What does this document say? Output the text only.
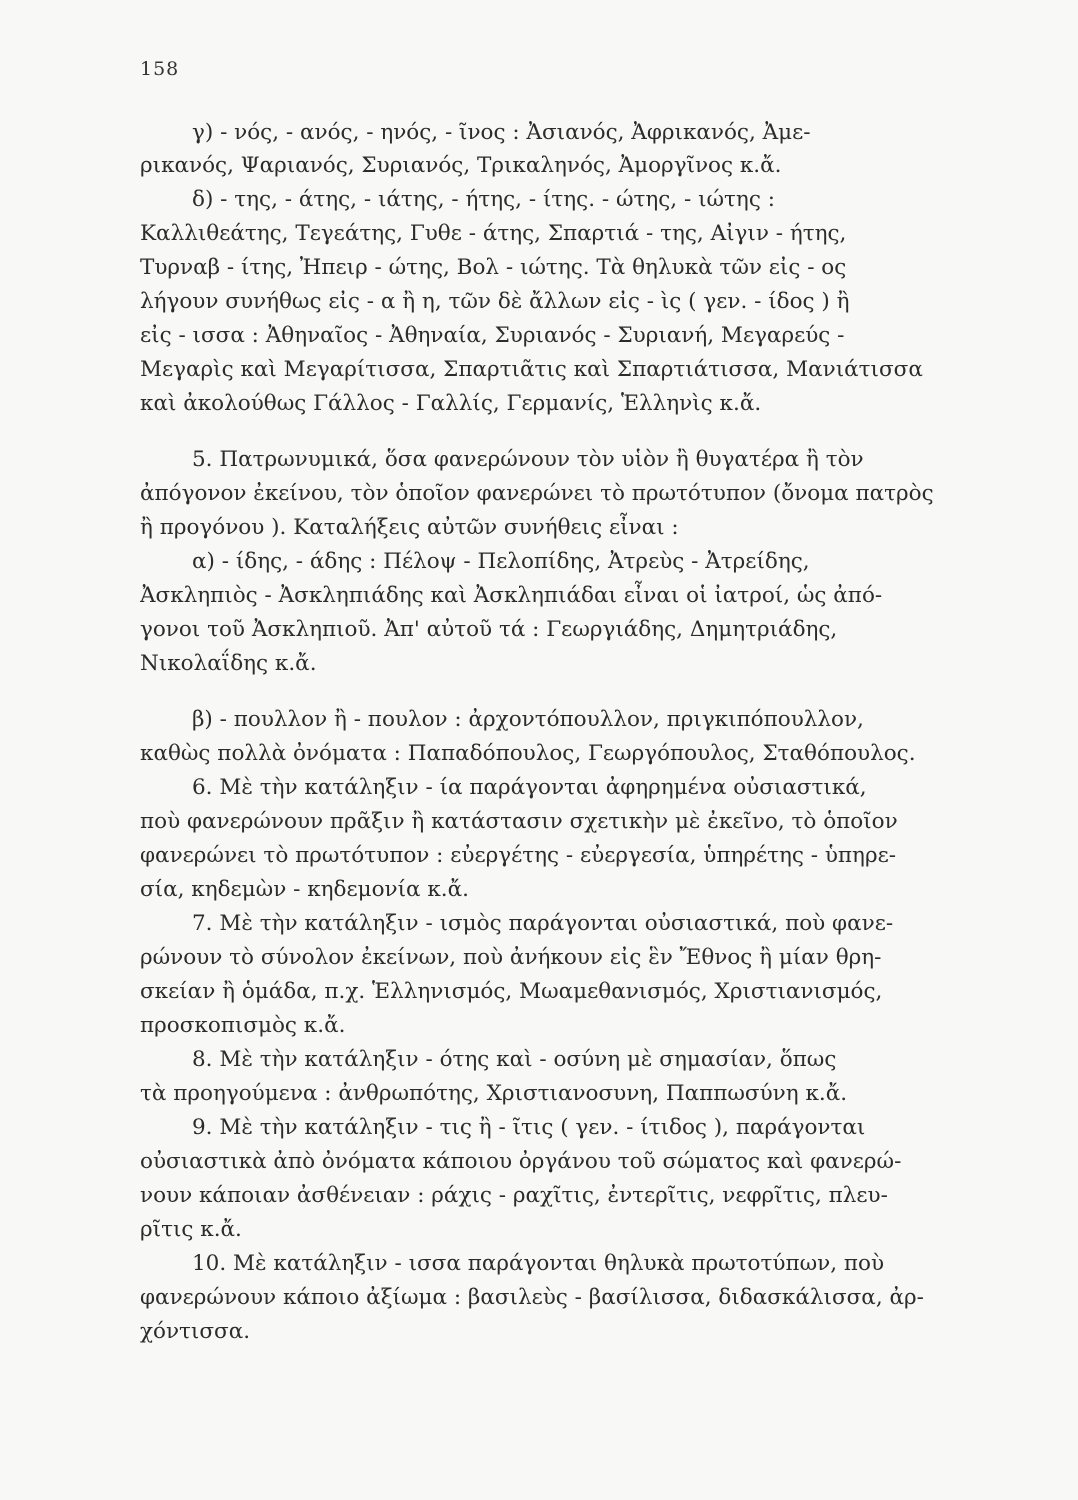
158
γ) - νός, - ανός, - ηνός, - ῖνος : Ἀσιανός, Ἀφρικανός, Ἀμε-
ρικανός, Ψαριανός, Συριανός, Τρικαληνός, Ἀμοργῖνος κ.ἄ.
δ) - της, - άτης, - ιάτης, - ήτης, - ίτης. - ώτης, - ιώτης :
Καλλιθεάτης, Τεγεάτης, Γυθε - άτης, Σπαρτιά - της, Αἰγιν - ήτης,
Τυρναβ - ίτης, Ἠπειρ - ώτης, Βολ - ιώτης. Τὰ θηλυκὰ τῶν εἰς - ος
λήγουν συνήθως εἰς - α ἢ η, τῶν δὲ ἄλλων εἰς - ὶς ( γεν. - ίδος ) ἢ
εἰς - ισσα : Ἀθηναῖος - Ἀθηναία, Συριανός - Συριανή, Μεγαρεύς -
Μεγαρὶς καὶ Μεγαρίτισσα, Σπαρτιᾶτις καὶ Σπαρτιάτισσα, Μανιάτισσα
καὶ ἀκολούθως Γάλλος - Γαλλίς, Γερμανίς, Ἑλληνὶς κ.ἄ.
5. Πατρωνυμικά, ὅσα φανερώνουν τὸν υἱὸν ἢ θυγατέρα ἢ τὸν
ἀπόγονον ἐκείνου, τὸν ὁποῖον φανερώνει τὸ πρωτότυπον (ὄνομα πατρὸς
ἢ προγόνου ). Καταλήξεις αὐτῶν συνήθεις εἶναι :
α) - ίδης, - άδης : Πέλοψ - Πελοπίδης, Ἀτρεὺς - Ἀτρείδης,
Ἀσκληπιὸς - Ἀσκληπιάδης καὶ Ἀσκληπιάδαι εἶναι οἱ ἰατροί, ὡς ἀπό-
γονοι τοῦ Ἀσκληπιοῦ. Ἀπ' αὐτοῦ τά : Γεωργιάδης, Δημητριάδης,
Νικολαΐδης κ.ἄ.
β) - πουλλον ἢ - πουλον : ἀρχοντόπουλλον, πριγκιπόπουλλον,
καθὼς πολλὰ ὀνόματα : Παπαδόπουλος, Γεωργόπουλος, Σταθόπουλος.
6. Μὲ τὴν κατάληξιν - ία παράγονται ἀφηρημένα οὐσιαστικά,
ποὺ φανερώνουν πρᾶξιν ἢ κατάστασιν σχετικὴν μὲ ἐκεῖνο, τὸ ὁποῖον
φανερώνει τὸ πρωτότυπον : εὐεργέτης - εὐεργεσία, ὑπηρέτης - ὑπηρε-
σία, κηδεμὼν - κηδεμονία κ.ἄ.
7. Μὲ τὴν κατάληξιν - ισμὸς παράγονται οὐσιαστικά, ποὺ φανε-
ρώνουν τὸ σύνολον ἐκείνων, ποὺ ἀνήκουν εἰς ἓν Ἔθνος ἢ μίαν θρη-
σκείαν ἢ ὁμάδα, π.χ. Ἑλληνισμός, Μωαμεθανισμός, Χριστιανισμός,
προσκοπισμὸς κ.ἄ.
8. Μὲ τὴν κατάληξιν - ότης καὶ - οσύνη μὲ σημασίαν, ὅπως
τὰ προηγούμενα : ἀνθρωπότης, Χριστιανοσυνη, Παππωσύνη κ.ἄ.
9. Μὲ τὴν κατάληξιν - τις ἢ - ῖτις ( γεν. - ίτιδος ), παράγονται
οὐσιαστικὰ ἀπὸ ὀνόματα κάποιου ὀργάνου τοῦ σώματος καὶ φανερώ-
νουν κάποιαν ἀσθένειαν : ράχις - ραχῖτις, ἐντερῖτις, νεφρῖτις, πλευ-
ρῖτις κ.ἄ.
10. Μὲ κατάληξιν - ισσα παράγονται θηλυκὰ πρωτοτύπων, ποὺ
φανερώνουν κάποιο ἀξίωμα : βασιλεὺς - βασίλισσα, διδασκάλισσα, ἀρ-
χόντισσα.
